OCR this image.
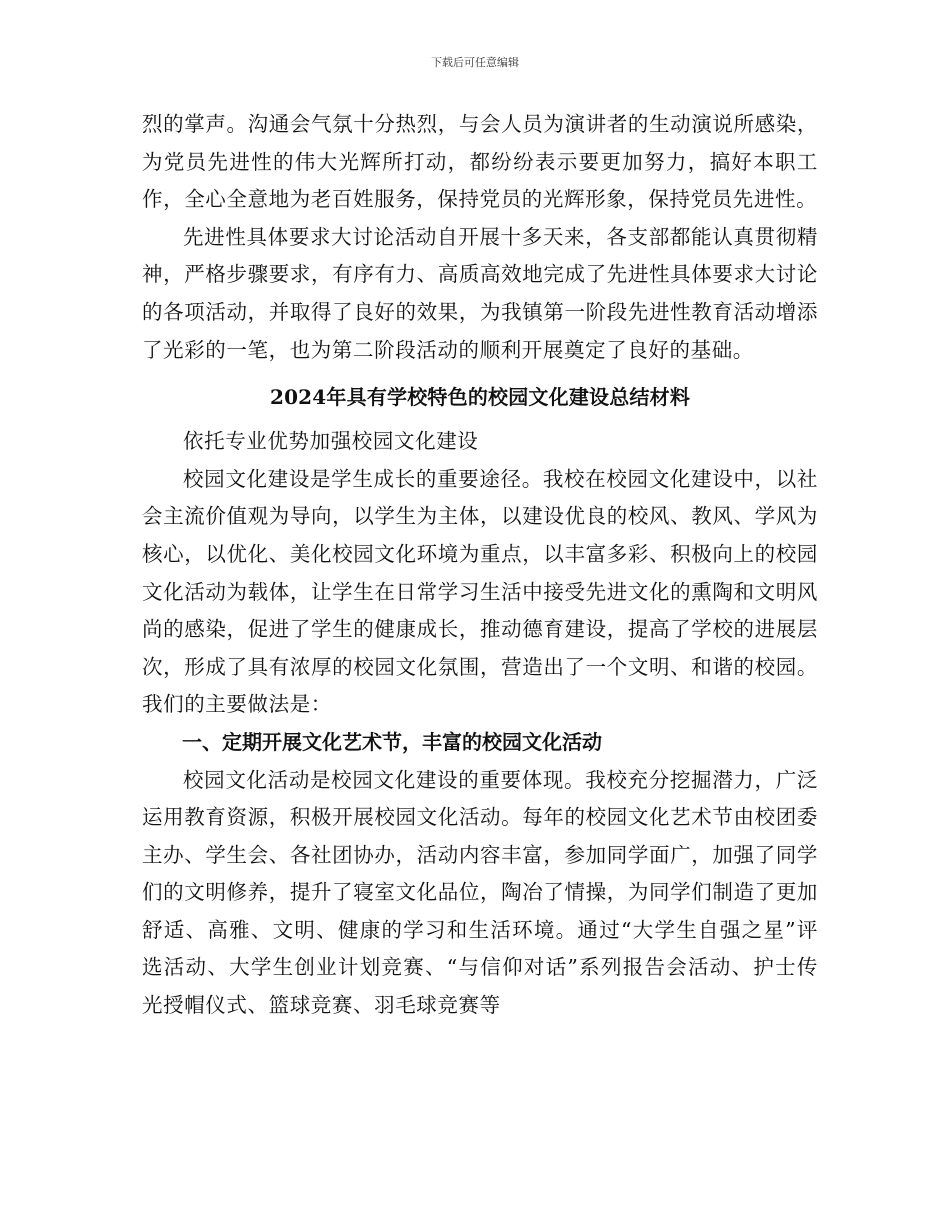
下载后可任意编辑

烈的掌声。沟通会气氛十分热烈，与会人员为演讲者的生动演说所感染，为党员先进性的伟大光辉所打动，都纷纷表示要更加努力，搞好本职工作，全心全意地为老百姓服务，保持党员的光辉形象，保持党员先进性。

先进性具体要求大讨论活动自开展十多天来，各支部都能认真贯彻精神，严格步骤要求，有序有力、高质高效地完成了先进性具体要求大讨论的各项活动，并取得了良好的效果，为我镇第一阶段先进性教育活动增添了光彩的一笔，也为第二阶段活动的顺利开展奠定了良好的基础。

2024年具有学校特色的校园文化建设总结材料

依托专业优势加强校园文化建设

校园文化建设是学生成长的重要途径。我校在校园文化建设中，以社会主流价值观为导向，以学生为主体，以建设优良的校风、教风、学风为核心，以优化、美化校园文化环境为重点，以丰富多彩、积极向上的校园文化活动为载体，让学生在日常学习生活中接受先进文化的熏陶和文明风尚的感染，促进了学生的健康成长，推动德育建设，提高了学校的进展层次，形成了具有浓厚的校园文化氛围，营造出了一个文明、和谐的校园。我们的主要做法是：

一、定期开展文化艺术节，丰富的校园文化活动

校园文化活动是校园文化建设的重要体现。我校充分挖掘潜力，广泛运用教育资源，积极开展校园文化活动。每年的校园文化艺术节由校团委主办、学生会、各社团协办，活动内容丰富，参加同学面广，加强了同学们的文明修养，提升了寝室文化品位，陶冶了情操，为同学们制造了更加舒适、高雅、文明、健康的学习和生活环境。通过“大学生自强之星”评选活动、大学生创业计划竞赛、“与信仰对话”系列报告会活动、护士传光授帽仪式、篮球竞赛、羽毛球竞赛等
